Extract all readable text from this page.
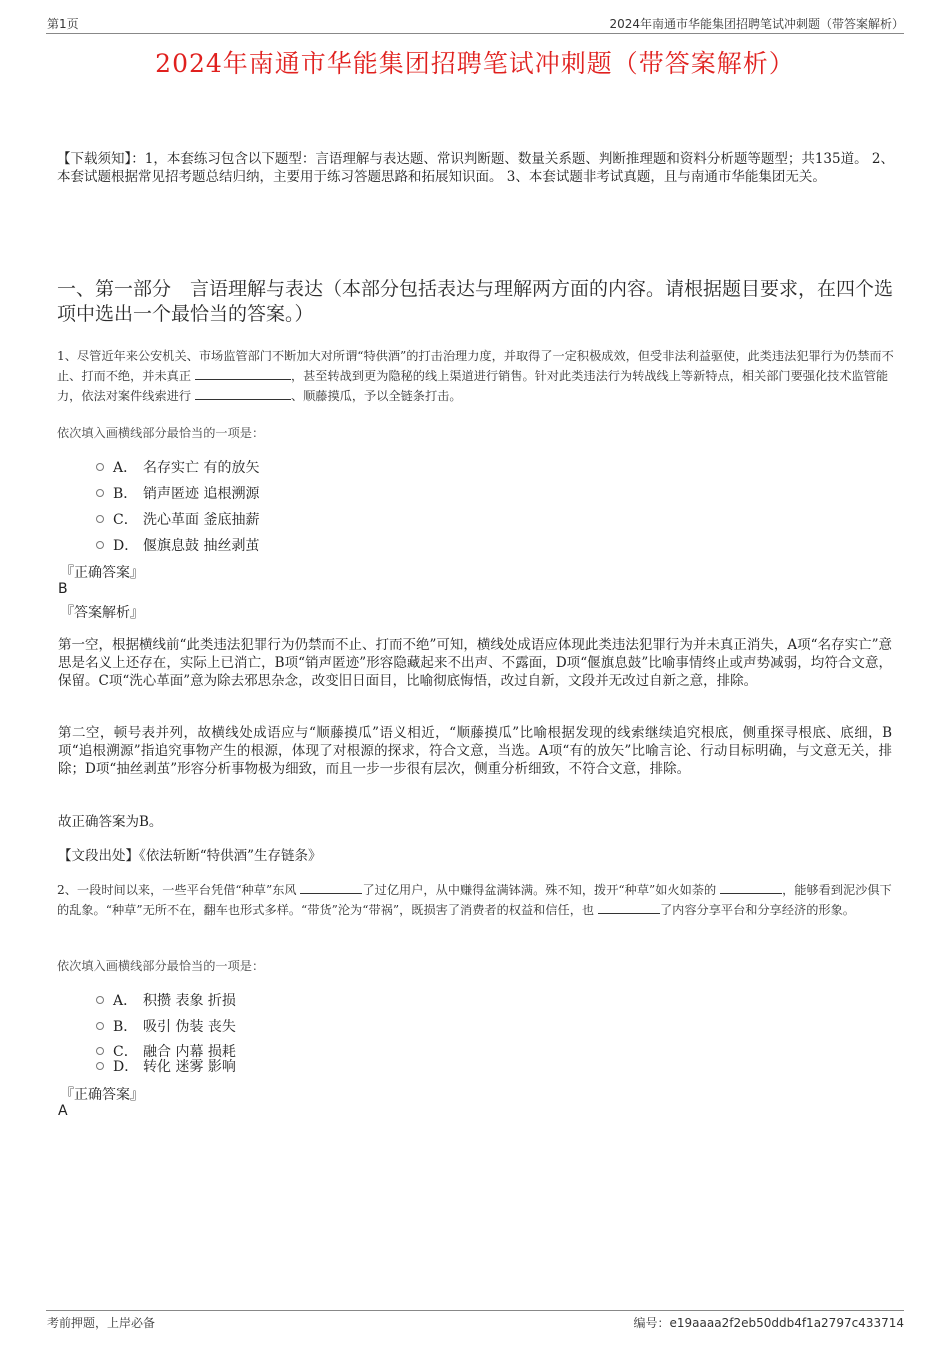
第1页	2024年南通市华能集团招聘笔试冲刺题（带答案解析）
2024年南通市华能集团招聘笔试冲刺题（带答案解析）
【下载须知】：1，本套练习包含以下题型：言语理解与表达题、常识判断题、数量关系题、判断推理题和资料分析题等题型；共135道。 2、本套试题根据常见招考题总结归纳，主要用于练习答题思路和拓展知识面。 3、本套试题非考试真题，且与南通市华能集团无关。
一、第一部分　言语理解与表达（本部分包括表达与理解两方面的内容。请根据题目要求，在四个选项中选出一个最恰当的答案。）
1、尽管近年来公安机关、市场监管部门不断加大对所谓“特供酒”的打击治理力度，并取得了一定积极成效，但受非法利益驱使，此类违法犯罪行为仍禁而不止、打而不绝，并未真正	，甚至转战到更为隐秘的线上渠道进行销售。针对此类违法行为转战线上等新特点，相关部门要强化技术监管能力，依法对案件线索进行	、顺藤摸瓜，予以全链条打击。
依次填入画横线部分最恰当的一项是：
A． 名存实亡 有的放矢
B． 销声匿迹 追根溯源
C． 洗心革面 釜底抽薪
D． 偃旗息鼓 抽丝剥茧
『正确答案』
B
『答案解析』
第一空，根据横线前“此类违法犯罪行为仍禁而不止、打而不绝”可知，横线处成语应体现此类违法犯罪行为并未真正消失，A项“名存实亡”意思是名义上还存在，实际上已消亡，B项“销声匿迹”形容隐藏起来不出声、不露面，D项“偃旗息鼓”比喻事情终止或声势减弱，均符合文意，保留。C项“洗心革面”意为除去邪思杂念，改变旧日面目，比喻彻底悔悟，改过自新，文段并无改过自新之意，排除。
第二空，顿号表并列，故横线处成语应与“顺藤摸瓜”语义相近，“顺藤摸瓜”比喻根据发现的线索继续追究根底，侧重探寻根底、底细，B项“追根溯源”指追究事物产生的根源，体现了对根源的探求，符合文意，当选。A项“有的放矢”比喻言论、行动目标明确，与文意无关，排除；D项“抽丝剥茧”形容分析事物极为细致，而且一步一步很有层次，侧重分析细致，不符合文意，排除。
故正确答案为B。
【文段出处】《依法斩断“特供酒”生存链条》
2、一段时间以来，一些平台凭借“种草”东风	了过亿用户，从中赚得盆满钵满。殊不知，拨开“种草”如火如荼的	，能够看到泥沙俱下的乱象。“种草”无所不在，翻车也形式多样。“带货”沦为“带祸”，既损害了消费者的权益和信任，也	了内容分享平台和分享经济的形象。
依次填入画横线部分最恰当的一项是：
A． 积攒 表象 折损
B． 吸引 伪装 丧失
C． 融合 内幕 损耗
D． 转化 迷雾 影响
『正确答案』
A
考前押题，上岸必备	编号：e19aaaa2f2eb50ddb4f1a2797c433714
